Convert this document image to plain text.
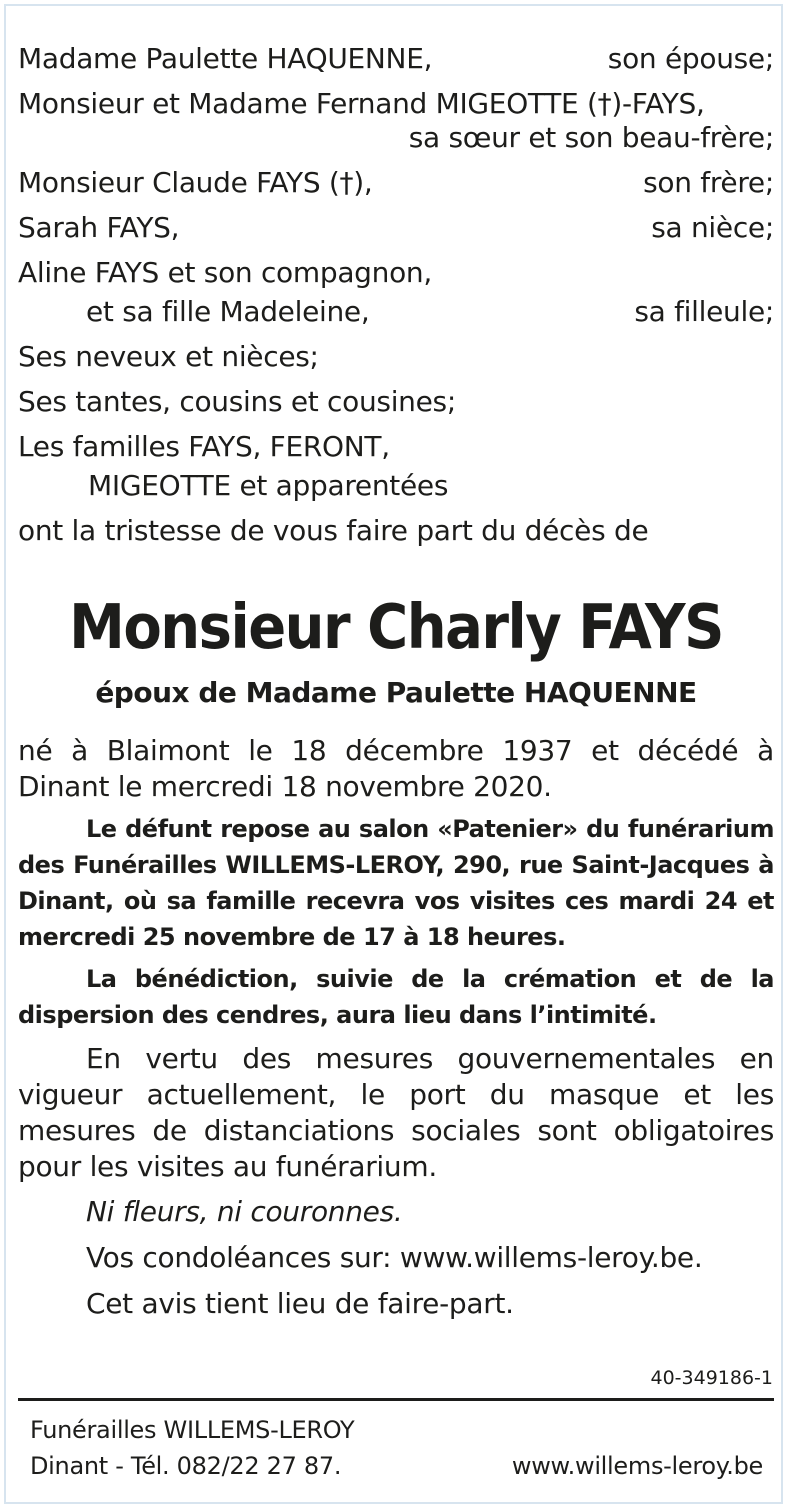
Madame Paulette HAQUENNE,	son épouse;
Monsieur et Madame Fernand MIGEOTTE (†)-FAYS,
sa sœur et son beau-frère;
Monsieur Claude FAYS (†),	son frère;
Sarah FAYS,	sa nièce;
Aline FAYS et son compagnon,
et sa fille Madeleine,	sa filleule;
Ses neveux et nièces;
Ses tantes, cousins et cousines;
Les familles FAYS, FERONT,
MIGEOTTE et apparentées
ont la tristesse de vous faire part du décès de
Monsieur Charly FAYS
époux de Madame Paulette HAQUENNE
né à Blaimont le 18 décembre 1937 et décédé à Dinant le mercredi 18 novembre 2020.
Le défunt repose au salon «Patenier» du funérarium des Funérailles WILLEMS-LEROY, 290, rue Saint-Jacques à Dinant, où sa famille recevra vos visites ces mardi 24 et mercredi 25 novembre de 17 à 18 heures.
La bénédiction, suivie de la crémation et de la dispersion des cendres, aura lieu dans l’intimité.
En vertu des mesures gouvernementales en vigueur actuellement, le port du masque et les mesures de distanciations sociales sont obligatoires pour les visites au funérarium.
Ni fleurs, ni couronnes.
Vos condoléances sur: www.willems-leroy.be.
Cet avis tient lieu de faire-part.
40-349186-1
Funérailles WILLEMS-LEROY
Dinant - Tél. 082/22 27 87.	www.willems-leroy.be
